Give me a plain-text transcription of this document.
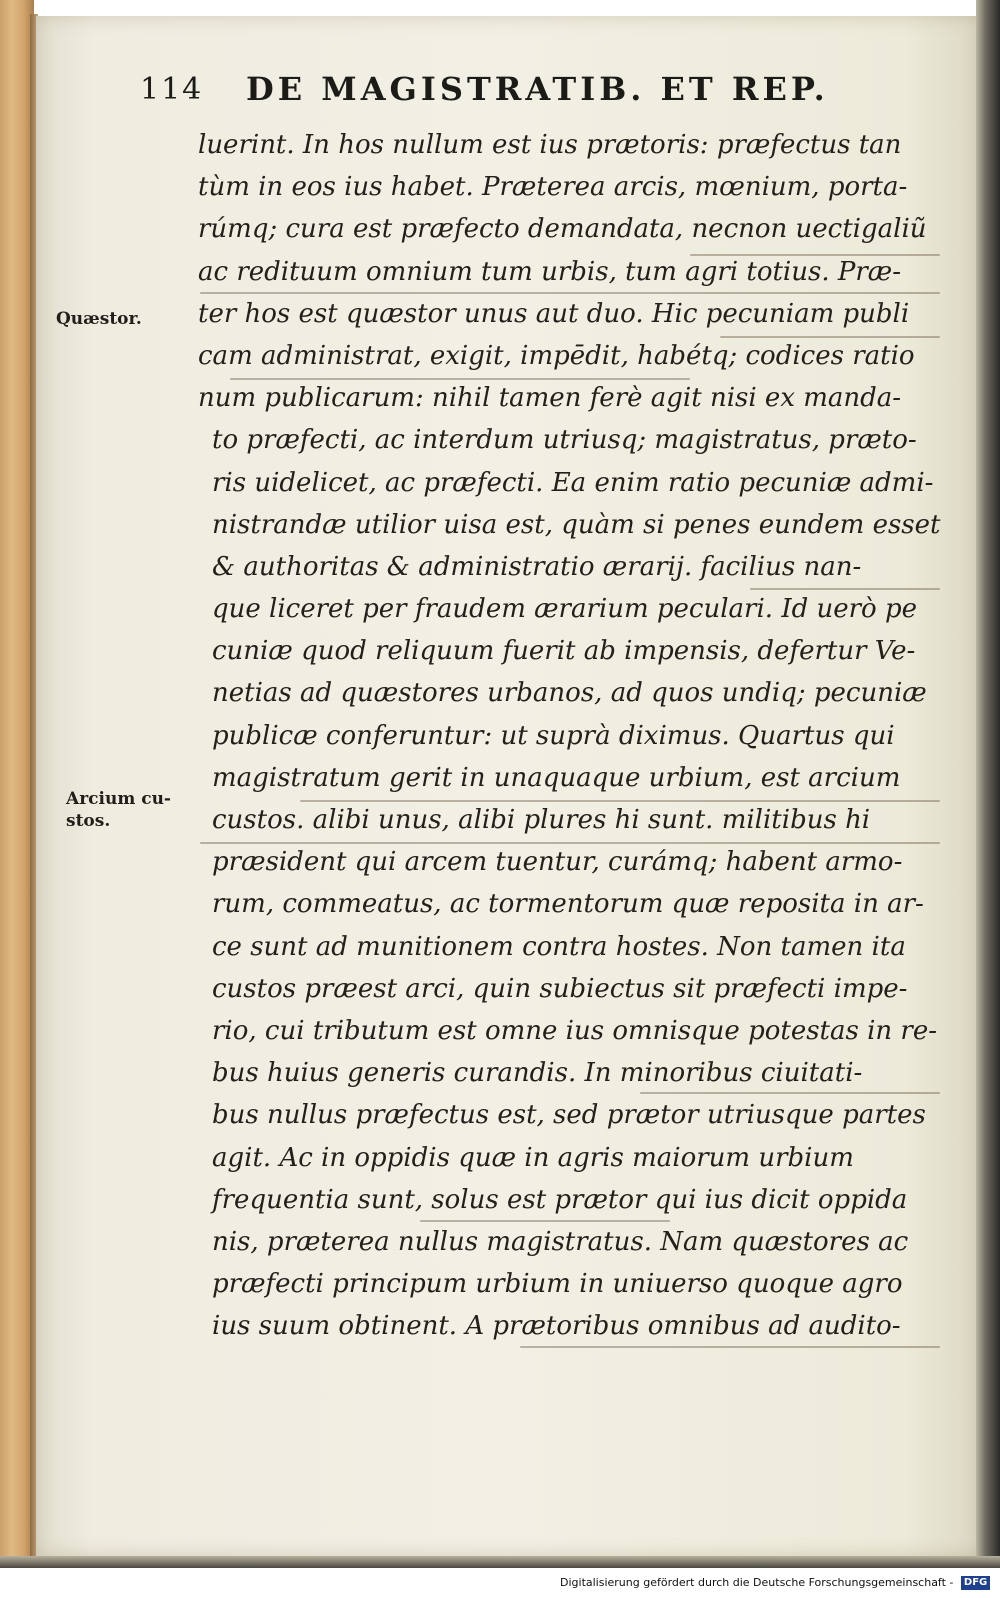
114 DE MAGISTRATIB. ET REP.
Quæstor.
Arcium cu-
stos.
luerint. In hos nullum est ius prætoris: præfectus tan
tùm in eos ius habet. Præterea arcis, mœnium, porta-
rúmq; cura est præfecto demandata, necnon uectigaliũ
ac redituum omnium tum urbis, tum agri totius. Præ-
ter hos est quæstor unus aut duo. Hic pecuniam publi
cam administrat, exigit, impēdit, habétq; codices ratio
num publicarum: nihil tamen ferè agit nisi ex manda-
to præfecti, ac interdum utriusq; magistratus, præto-
ris uidelicet, ac præfecti. Ea enim ratio pecuniæ admi-
nistrandæ utilior uisa est, quàm si penes eundem esset
& authoritas & administratio ærarij. facilius nan-
que liceret per fraudem ærarium peculari. Id uerò pe
cuniæ quod reliquum fuerit ab impensis, defertur Ve-
netias ad quæstores urbanos, ad quos undiq; pecuniæ
publicæ conferuntur: ut suprà diximus. Quartus qui
magistratum gerit in unaquaque urbium, est arcium
custos. alibi unus, alibi plures hi sunt. militibus hi
præsident qui arcem tuentur, curámq; habent armo-
rum, commeatus, ac tormentorum quæ reposita in ar-
ce sunt ad munitionem contra hostes. Non tamen ita
custos præest arci, quin subiectus sit præfecti impe-
rio, cui tributum est omne ius omnisque potestas in re-
bus huius generis curandis. In minoribus ciuitati-
bus nullus præfectus est, sed prætor utriusque partes
agit. Ac in oppidis quæ in agris maiorum urbium
frequentia sunt, solus est prætor qui ius dicit oppida
nis, præterea nullus magistratus. Nam quæstores ac
præfecti principum urbium in uniuerso quoque agro
ius suum obtinent. A prætoribus omnibus ad audito-
Digitalisierung gefördert durch die Deutsche Forschungsgemeinschaft - DFG
